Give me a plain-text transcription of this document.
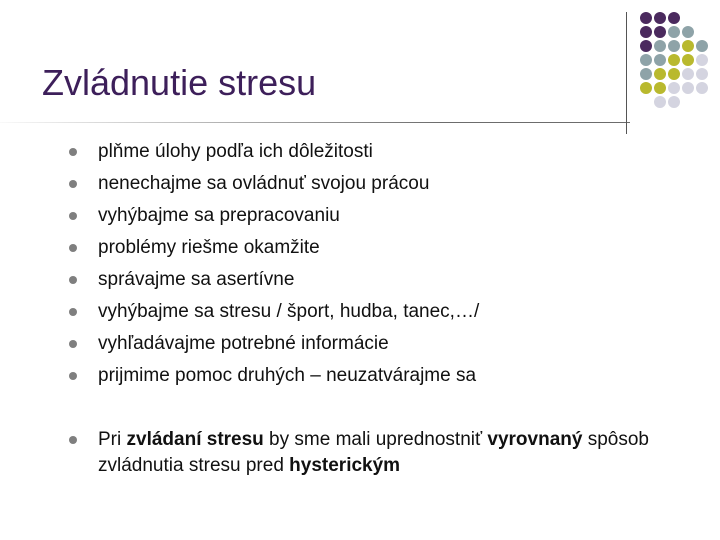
Zvládnutie stresu
plňme úlohy podľa ich dôležitosti
nenechajme sa ovládnuť svojou prácou
vyhýbajme sa prepracovaniu
problémy riešme okamžite
správajme sa asertívne
vyhýbajme sa stresu / šport, hudba, tanec,…/
vyhľadávajme potrebné informácie
prijmime pomoc druhých – neuzatvárajme sa
Pri zvládaní stresu by sme mali uprednostniť vyrovnaný spôsob zvládnutia stresu pred hysterickým
